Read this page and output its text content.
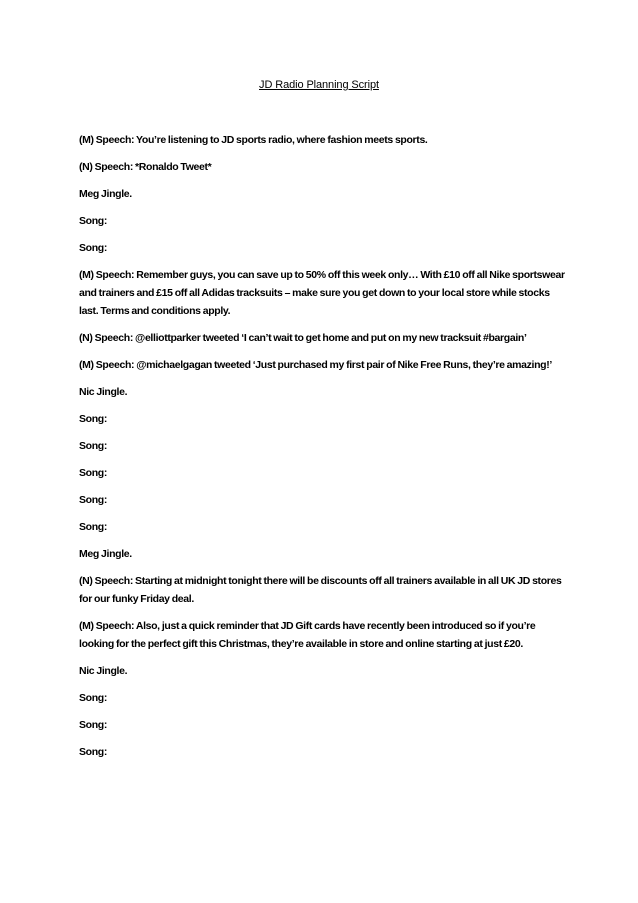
JD Radio Planning Script

(M) Speech: You’re listening to JD sports radio, where fashion meets sports.

(N) Speech: *Ronaldo Tweet*

Meg Jingle.

Song:

Song:

(M) Speech: Remember guys, you can save up to 50% off this week only… With £10 off all Nike sportswear and trainers and £15 off all Adidas tracksuits – make sure you get down to your local store while stocks last. Terms and conditions apply.

(N) Speech: @elliottparker tweeted ‘I can’t wait to get home and put on my new tracksuit #bargain’

(M) Speech: @michaelgagan tweeted ‘Just purchased my first pair of Nike Free Runs, they’re amazing!’

Nic Jingle.

Song:

Song:

Song:

Song:

Song:

Meg Jingle.

(N) Speech: Starting at midnight tonight there will be discounts off all trainers available in all UK JD stores for our funky Friday deal.

(M) Speech: Also, just a quick reminder that JD Gift cards have recently been introduced so if you’re looking for the perfect gift this Christmas, they’re available in store and online starting at just £20.

Nic Jingle.

Song:

Song:

Song:
